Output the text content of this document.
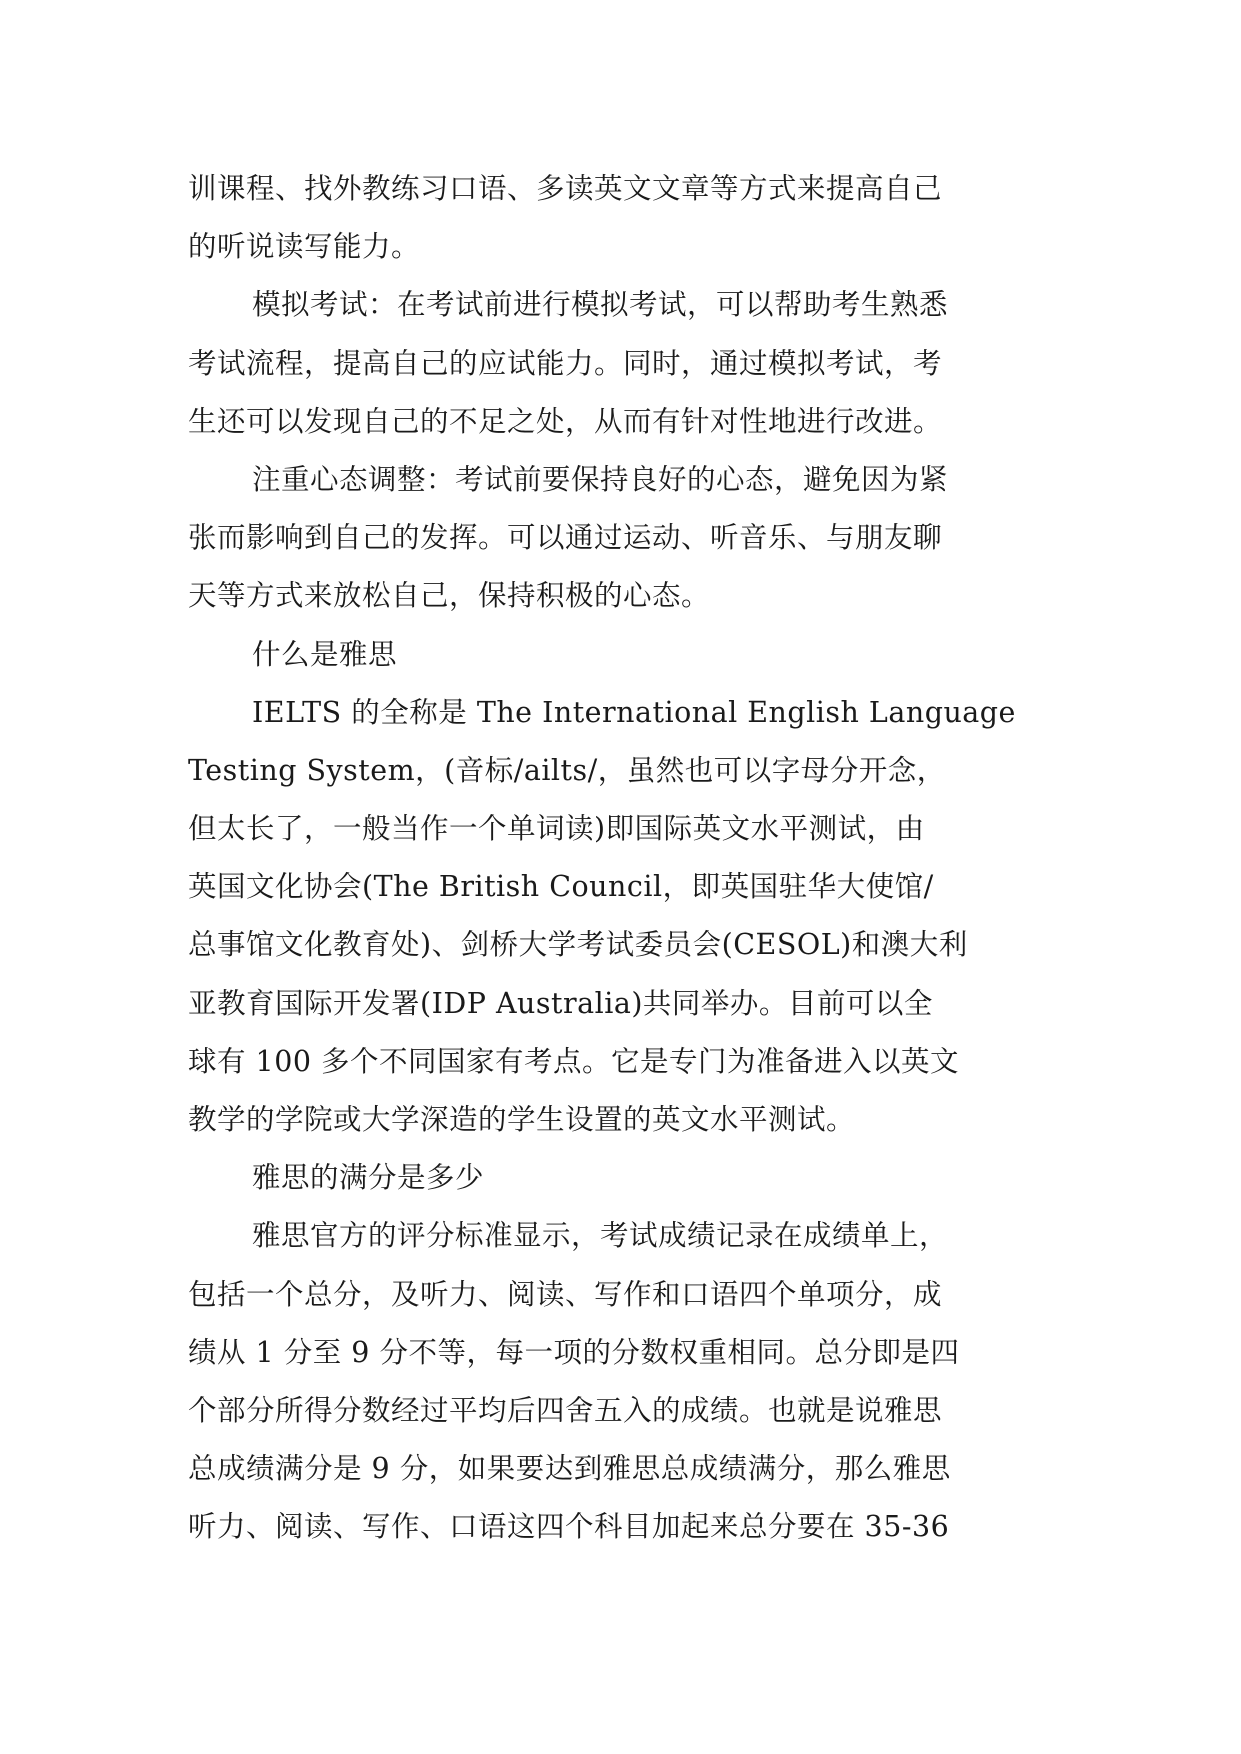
训课程、找外教练习口语、多读英文文章等方式来提高自己
的听说读写能力。
模拟考试：在考试前进行模拟考试，可以帮助考生熟悉
考试流程，提高自己的应试能力。同时，通过模拟考试，考
生还可以发现自己的不足之处，从而有针对性地进行改进。
注重心态调整：考试前要保持良好的心态，避免因为紧
张而影响到自己的发挥。可以通过运动、听音乐、与朋友聊
天等方式来放松自己，保持积极的心态。
什么是雅思
IELTS 的全称是 The International English Language
Testing System，(音标/ailts/，虽然也可以字母分开念，
但太长了，一般当作一个单词读)即国际英文水平测试，由
英国文化协会(The British Council，即英国驻华大使馆/
总事馆文化教育处)、剑桥大学考试委员会(CESOL)和澳大利
亚教育国际开发署(IDP Australia)共同举办。目前可以全
球有 100 多个不同国家有考点。它是专门为准备进入以英文
教学的学院或大学深造的学生设置的英文水平测试。
雅思的满分是多少
雅思官方的评分标准显示，考试成绩记录在成绩单上，
包括一个总分，及听力、阅读、写作和口语四个单项分，成
绩从 1 分至 9 分不等，每一项的分数权重相同。总分即是四
个部分所得分数经过平均后四舍五入的成绩。也就是说雅思
总成绩满分是 9 分，如果要达到雅思总成绩满分，那么雅思
听力、阅读、写作、口语这四个科目加起来总分要在 35-36
